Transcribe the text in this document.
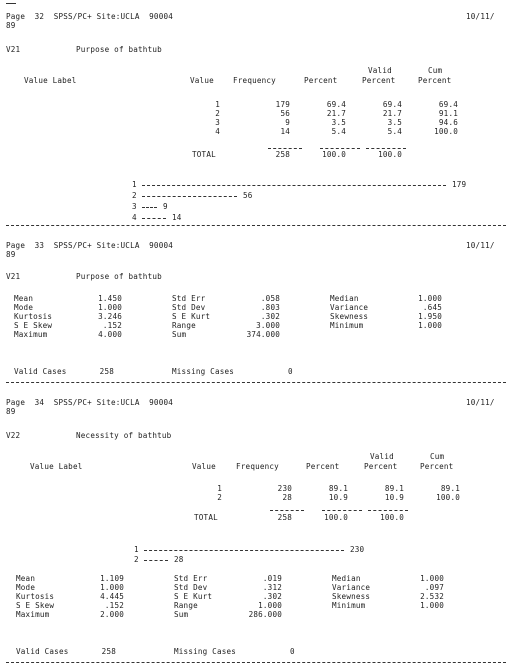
Page  32  SPSS/PC+ Site:UCLA  90004	10/11/
89
V21	Purpose of bathtub
Valid	Cum
Value Label	Value	Frequency	Percent	Percent	Percent
1	179	69.4	69.4	69.4
2	56	21.7	21.7	91.1
3	9	3.5	3.5	94.6
4	14	5.4	5.4	100.0
TOTAL	258	100.0	100.0
1	179
2	56
3	9
4	14
Page  33  SPSS/PC+ Site:UCLA  90004	10/11/
89
V21	Purpose of bathtub
Mean	1.450	Std Err	.058	Median	1.000
Mode	1.000	Std Dev	.803	Variance	.645
Kurtosis	3.246	S E Kurt	.302	Skewness	1.950
S E Skew	.152	Range	3.000	Minimum	1.000
Maximum	4.000	Sum	374.000
Valid Cases	258	Missing Cases	0
Page  34  SPSS/PC+ Site:UCLA  90004	10/11/
89
V22	Necessity of bathtub
Valid	Cum
Value Label	Value	Frequency	Percent	Percent	Percent
1	230	89.1	89.1	89.1
2	28	10.9	10.9	100.0
TOTAL	258	100.0	100.0
1	230
2	28
Mean	1.109	Std Err	.019	Median	1.000
Mode	1.000	Std Dev	.312	Variance	.097
Kurtosis	4.445	S E Kurt	.302	Skewness	2.532
S E Skew	.152	Range	1.000	Minimum	1.000
Maximum	2.000	Sum	286.000
Valid Cases	258	Missing Cases	0
